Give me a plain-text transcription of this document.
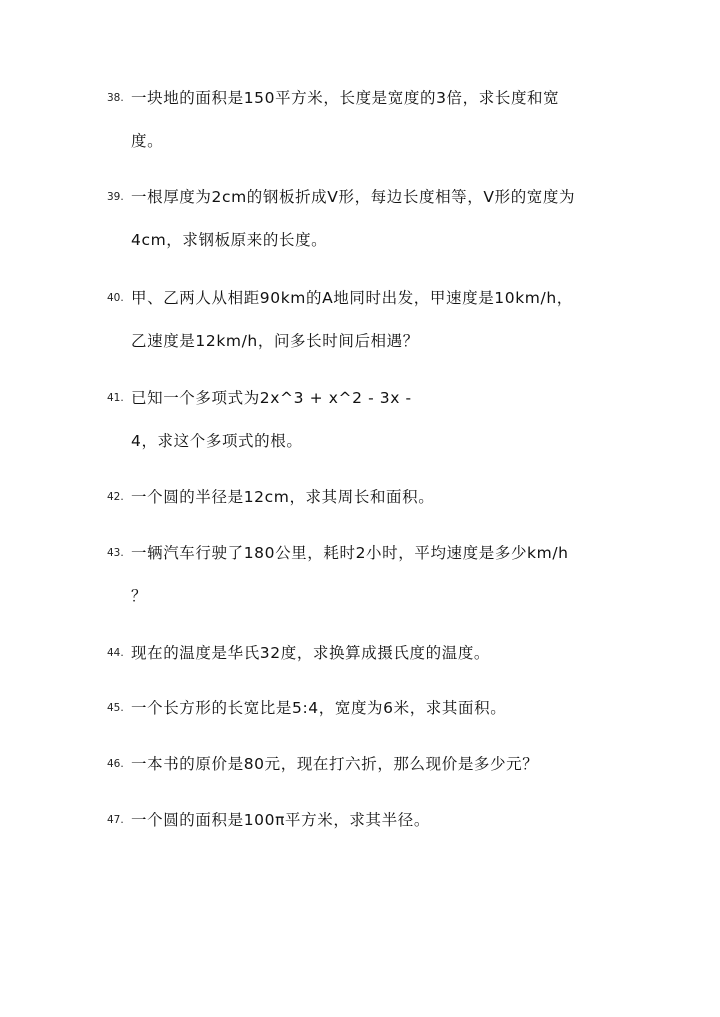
38. 一块地的面积是150平方米，长度是宽度的3倍，求长度和宽
度。
39. 一根厚度为2cm的钢板折成V形，每边长度相等，V形的宽度为
4cm，求钢板原来的长度。
40. 甲、乙两人从相距90km的A地同时出发，甲速度是10km/h，
乙速度是12km/h，问多长时间后相遇？
41. 已知一个多项式为2x^3 + x^2 - 3x -
4，求这个多项式的根。
42. 一个圆的半径是12cm，求其周长和面积。
43. 一辆汽车行驶了180公里，耗时2小时，平均速度是多少km/h
？
44. 现在的温度是华氏32度，求换算成摄氏度的温度。
45. 一个长方形的长宽比是5:4，宽度为6米，求其面积。
46. 一本书的原价是80元，现在打六折，那么现价是多少元？
47. 一个圆的面积是100π平方米，求其半径。
